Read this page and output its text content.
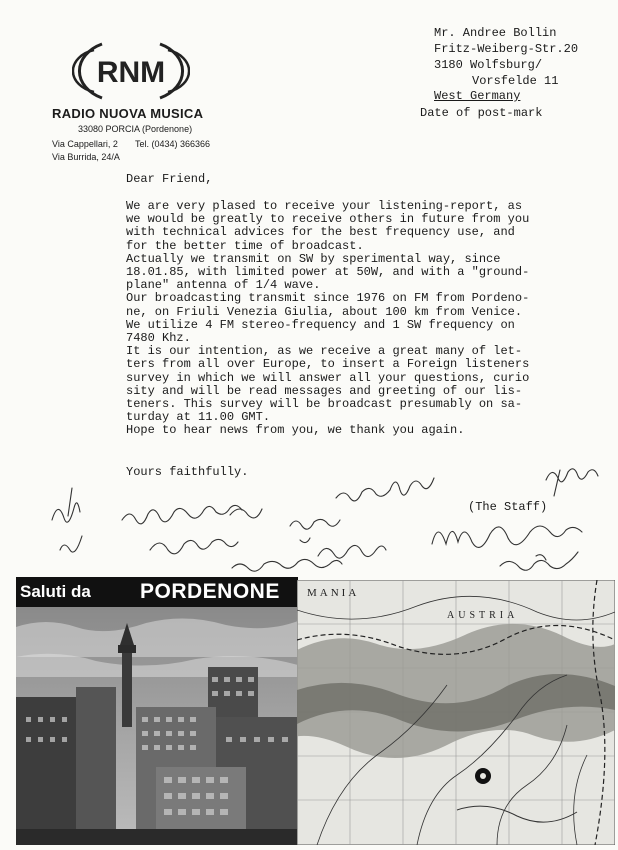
RNM
RADIO NUOVA MUSICA
33080 PORCIA (Pordenone)
Via Cappellari, 2 Tel. (0434) 366366
Via Burrida, 24/A
Mr. Andree Bollin
Fritz-Weiberg-Str.20
3180 Wolfsburg/
Vorsfelde 11
West Germany
Date of post-mark
Dear Friend,
We are very plased to receive your listening-report, as
we would be greatly to receive others in future from you
with technical advices for the best frequency use, and
for the better time of broadcast.
Actually we transmit on SW by sperimental way, since
18.01.85, with limited power at 50W, and with a "ground-
plane" antenna of 1/4 wave.
Our broadcasting transmit since 1976 on FM from Pordeno-
ne, on Friuli Venezia Giulia, about 100 km from Venice.
We utilize 4 FM stereo-frequency and 1 SW frequency on
7480 Khz.
It is our intention, as we receive a great many of let-
ters from all over Europe, to insert a Foreign listeners
survey in which we will answer all your questions, curio
sity and will be read messages and greeting of our lis-
teners. This survey will be broadcast presumably on sa-
turday at 11.00 GMT.
Hope to hear news from you, we thank you again.
Yours faithfully.
(The Staff)
Saluti da PORDENONE MANIA
AUSTRIA
